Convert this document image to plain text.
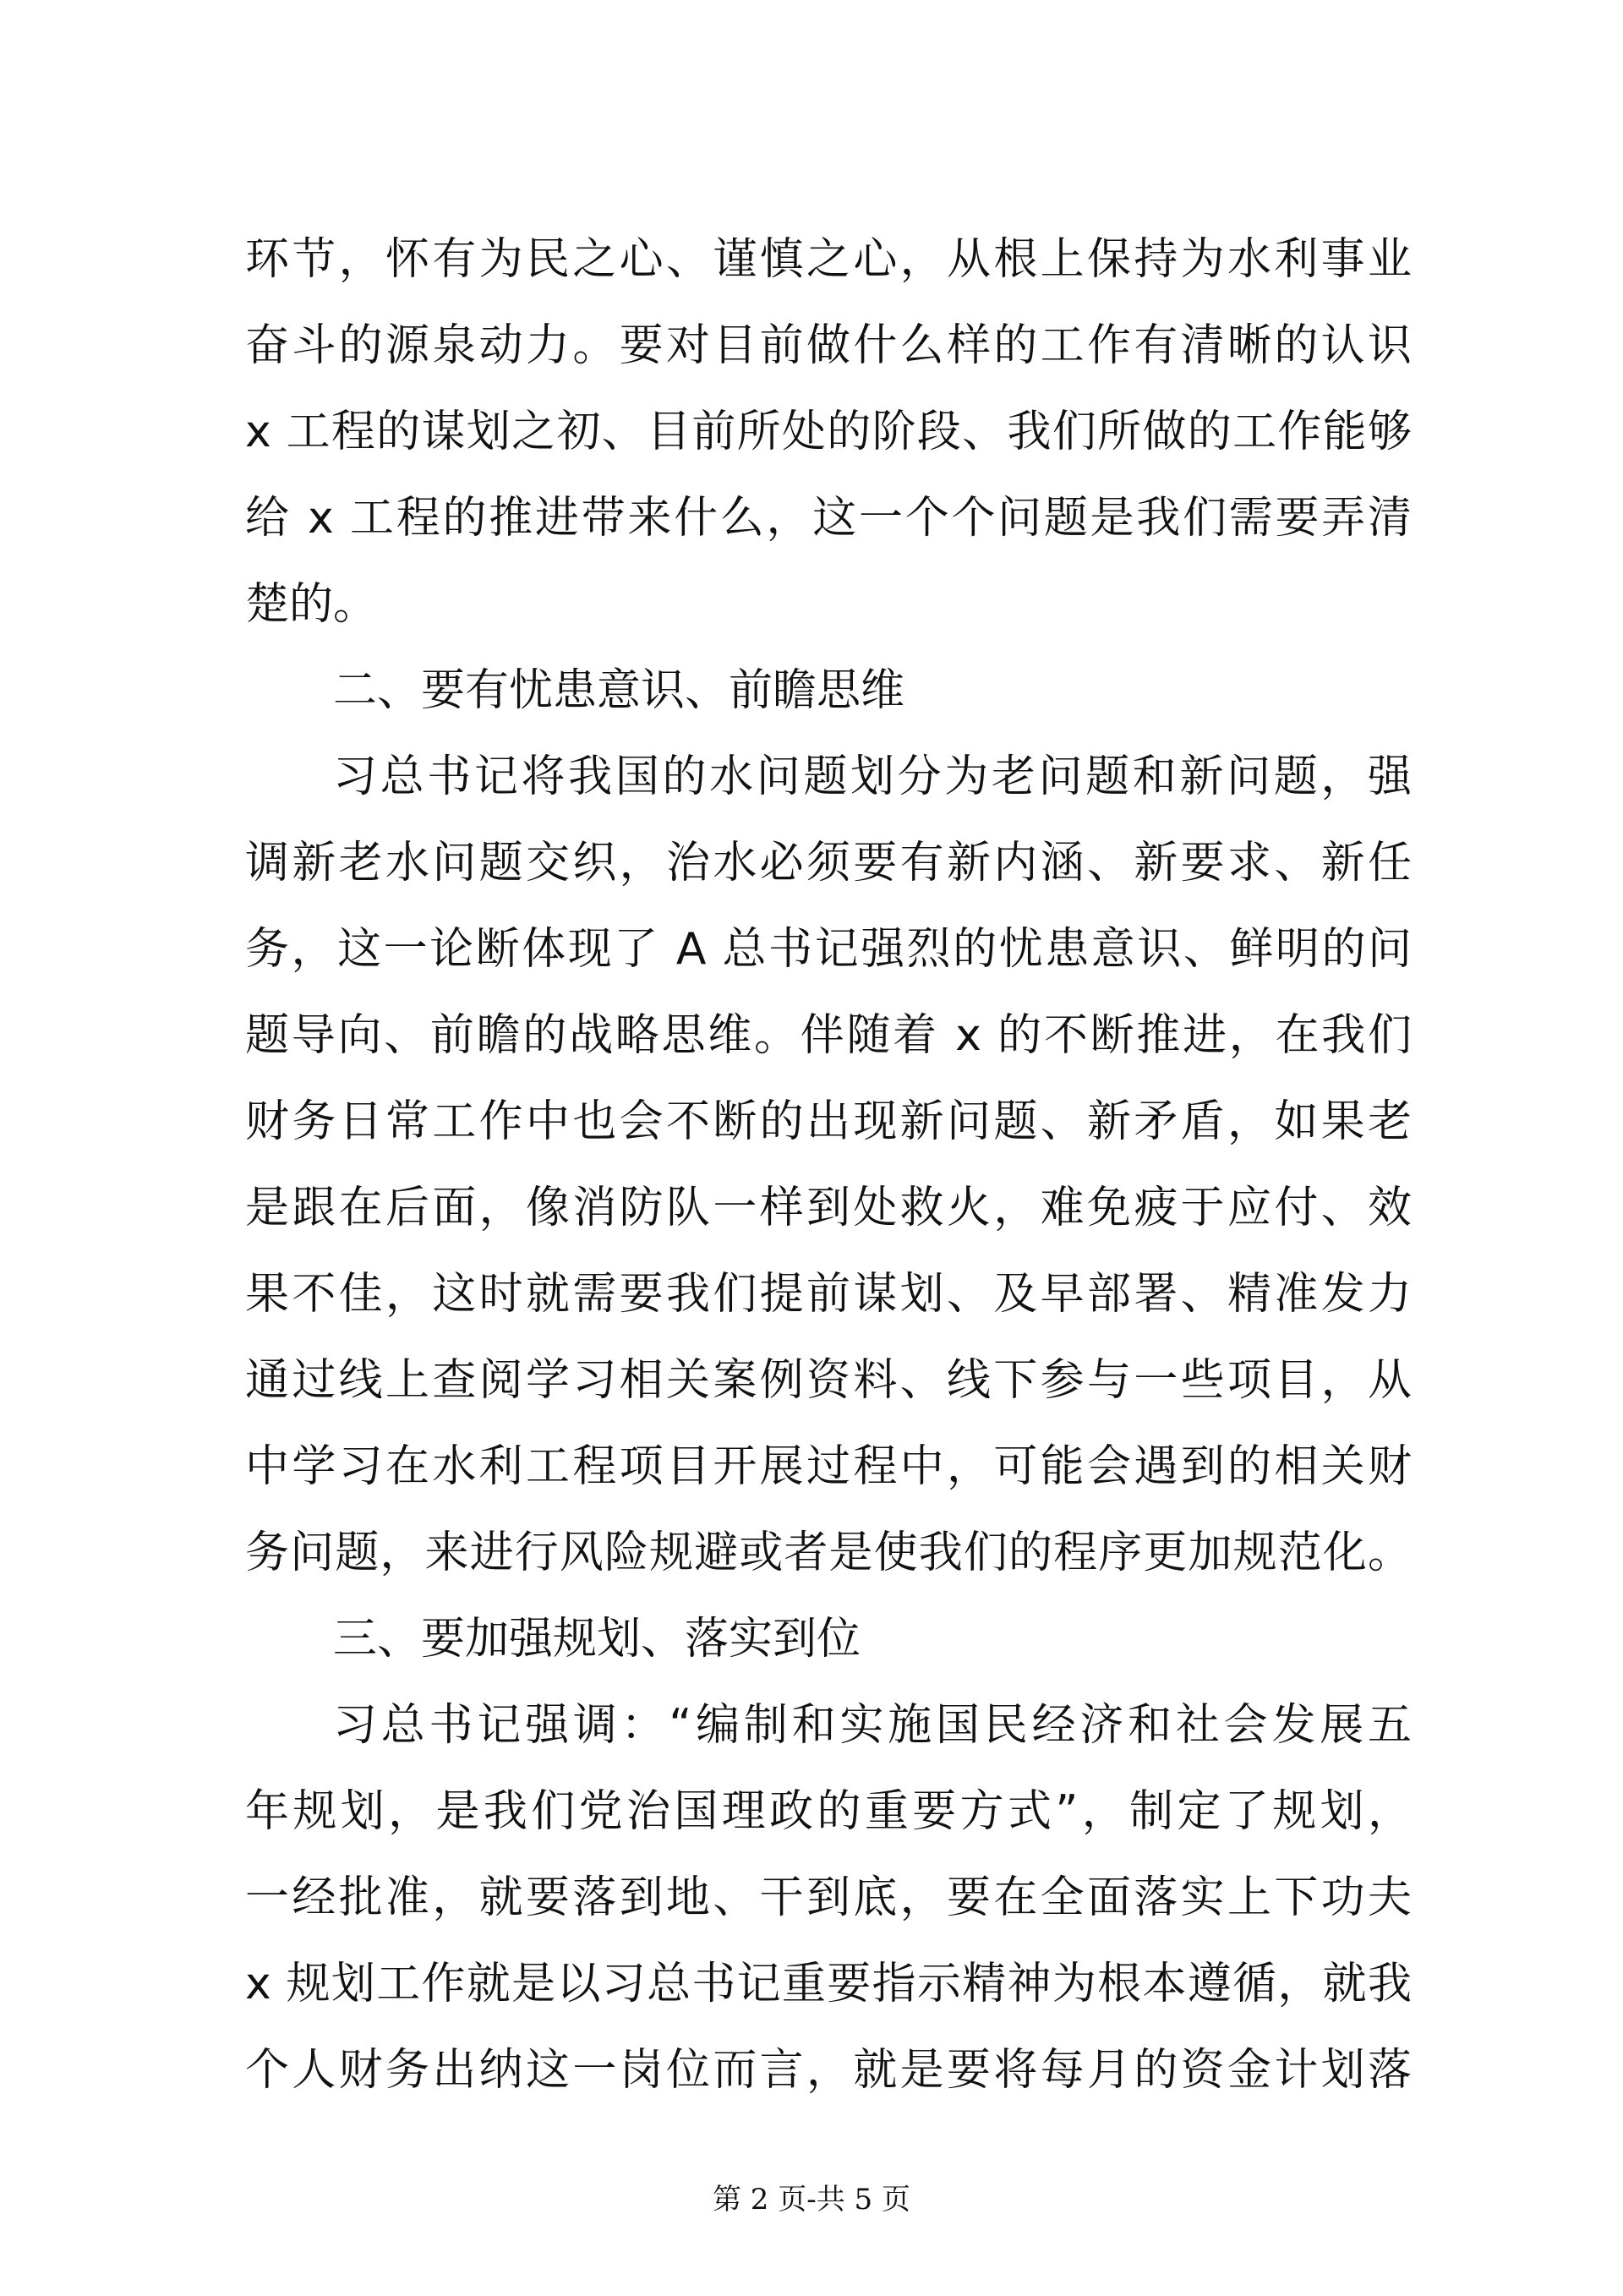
环节，怀有为民之心、谨慎之心，从根上保持为水利事业
奋斗的源泉动力。要对目前做什么样的工作有清晰的认识
x 工程的谋划之初、目前所处的阶段、我们所做的工作能够
给 x 工程的推进带来什么，这一个个问题是我们需要弄清
楚的。
二、要有忧患意识、前瞻思维
习总书记将我国的水问题划分为老问题和新问题，强
调新老水问题交织，治水必须要有新内涵、新要求、新任
务，这一论断体现了 A 总书记强烈的忧患意识、鲜明的问
题导向、前瞻的战略思维。伴随着 x 的不断推进，在我们
财务日常工作中也会不断的出现新问题、新矛盾，如果老
是跟在后面，像消防队一样到处救火，难免疲于应付、效
果不佳，这时就需要我们提前谋划、及早部署、精准发力
通过线上查阅学习相关案例资料、线下参与一些项目，从
中学习在水利工程项目开展过程中，可能会遇到的相关财
务问题，来进行风险规避或者是使我们的程序更加规范化。
三、要加强规划、落实到位
习总书记强调：“编制和实施国民经济和社会发展五
年规划，是我们党治国理政的重要方式”，制定了规划，
一经批准，就要落到地、干到底，要在全面落实上下功夫
x 规划工作就是以习总书记重要指示精神为根本遵循，就我
个人财务出纳这一岗位而言，就是要将每月的资金计划落
第 2 页-共 5 页
